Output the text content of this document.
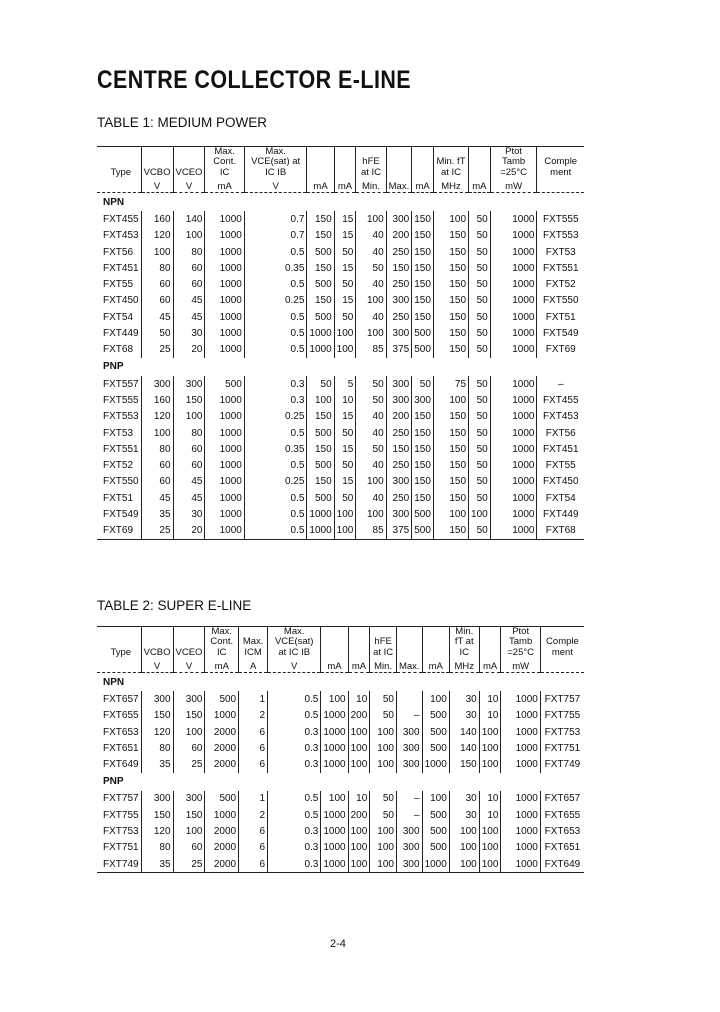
CENTRE COLLECTOR E-LINE

TABLE 1: MEDIUM POWER

Type	VCBO	VCEO	Max. Cont. IC	Max. VCE(sat) at IC IB			hFE at IC			Min. fT at IC		Ptot Tamb =25°C	Comple ment
	V	V	mA	V	mA	mA	Min.	Max.	mA	MHz	mA	mW	
NPN													
FXT455	160	140	1000	0.7	150	15	100	300	150	100	50	1000	FXT555
FXT453	120	100	1000	0.7	150	15	40	200	150	150	50	1000	FXT553
FXT56	100	80	1000	0.5	500	50	40	250	150	150	50	1000	FXT53
FXT451	80	60	1000	0.35	150	15	50	150	150	150	50	1000	FXT551
FXT55	60	60	1000	0.5	500	50	40	250	150	150	50	1000	FXT52
FXT450	60	45	1000	0.25	150	15	100	300	150	150	50	1000	FXT550
FXT54	45	45	1000	0.5	500	50	40	250	150	150	50	1000	FXT51
FXT449	50	30	1000	0.5	1000	100	100	300	500	150	50	1000	FXT549
FXT68	25	20	1000	0.5	1000	100	85	375	500	150	50	1000	FXT69
PNP													
FXT557	300	300	500	0.3	50	5	50	300	50	75	50	1000	–
FXT555	160	150	1000	0.3	100	10	50	300	300	100	50	1000	FXT455
FXT553	120	100	1000	0.25	150	15	40	200	150	150	50	1000	FXT453
FXT53	100	80	1000	0.5	500	50	40	250	150	150	50	1000	FXT56
FXT551	80	60	1000	0.35	150	15	50	150	150	150	50	1000	FXT451
FXT52	60	60	1000	0.5	500	50	40	250	150	150	50	1000	FXT55
FXT550	60	45	1000	0.25	150	15	100	300	150	150	50	1000	FXT450
FXT51	45	45	1000	0.5	500	50	40	250	150	150	50	1000	FXT54
FXT549	35	30	1000	0.5	1000	100	100	300	500	100	100	1000	FXT449
FXT69	25	20	1000	0.5	1000	100	85	375	500	150	50	1000	FXT68

TABLE 2: SUPER E-LINE

Type	VCBO	VCEO	Max. Cont. IC	Max. ICM	Max. VCE(sat) at IC IB			hFE at IC			Min. fT at IC		Ptot Tamb =25°C	Comple ment
	V	V	mA	A	V	mA	mA	Min.	Max.	mA	MHz	mA	mW	
NPN														
FXT657	300	300	500	1	0.5	100	10	50		100	30	10	1000	FXT757
FXT655	150	150	1000	2	0.5	1000	200	50	–	500	30	10	1000	FXT755
FXT653	120	100	2000	6	0.3	1000	100	100	300	500	140	100	1000	FXT753
FXT651	80	60	2000	6	0.3	1000	100	100	300	500	140	100	1000	FXT751
FXT649	35	25	2000	6	0.3	1000	100	100	300	1000	150	100	1000	FXT749
PNP														
FXT757	300	300	500	1	0.5	100	10	50	–	100	30	10	1000	FXT657
FXT755	150	150	1000	2	0.5	1000	200	50	–	500	30	10	1000	FXT655
FXT753	120	100	2000	6	0.3	1000	100	100	300	500	100	100	1000	FXT653
FXT751	80	60	2000	6	0.3	1000	100	100	300	500	100	100	1000	FXT651
FXT749	35	25	2000	6	0.3	1000	100	100	300	1000	100	100	1000	FXT649
2-4
